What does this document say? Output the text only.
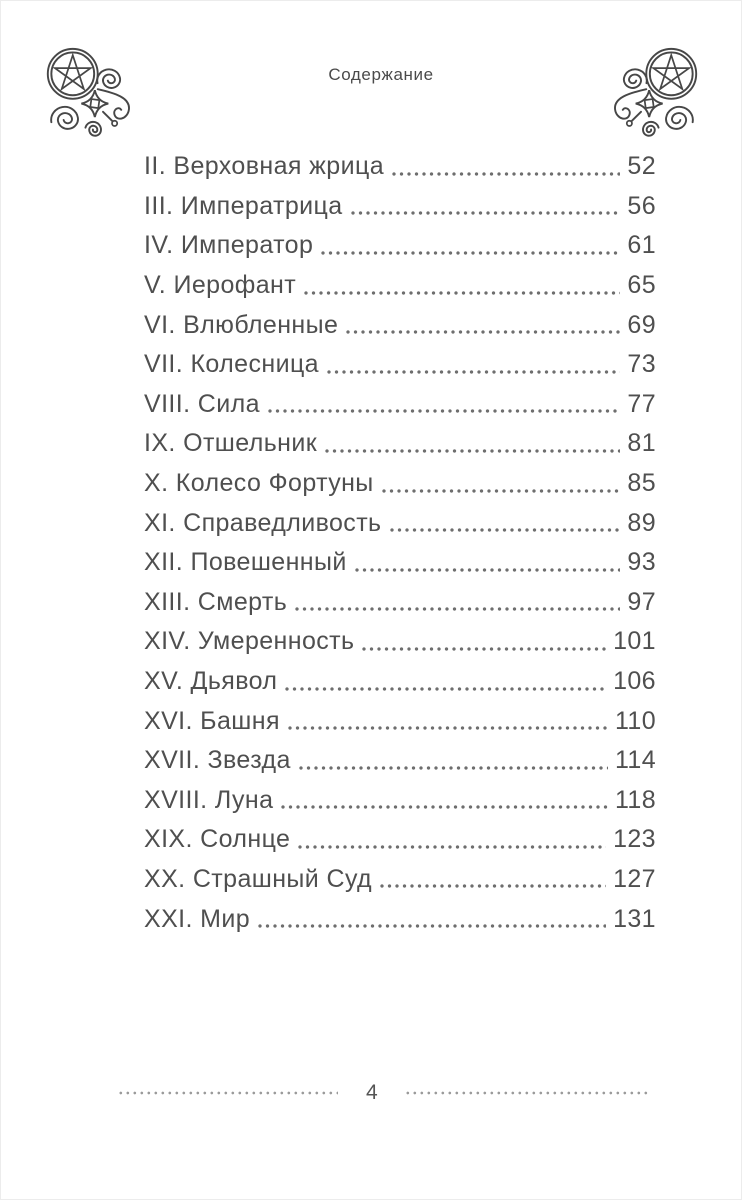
Содержание
II. Верховная жрица	52
III. Императрица	56
IV. Император	61
V. Иерофант	65
VI. Влюбленные	69
VII. Колесница	73
VIII. Сила	77
IX. Отшельник	81
X. Колесо Фортуны	85
XI. Справедливость	89
XII. Повешенный	93
XIII. Смерть	97
XIV. Умеренность	101
XV. Дьявол	106
XVI. Башня	110
XVII. Звезда	114
XVIII. Луна	118
XIX. Солнце	123
XX. Страшный Суд	127
XXI. Мир	131
4
